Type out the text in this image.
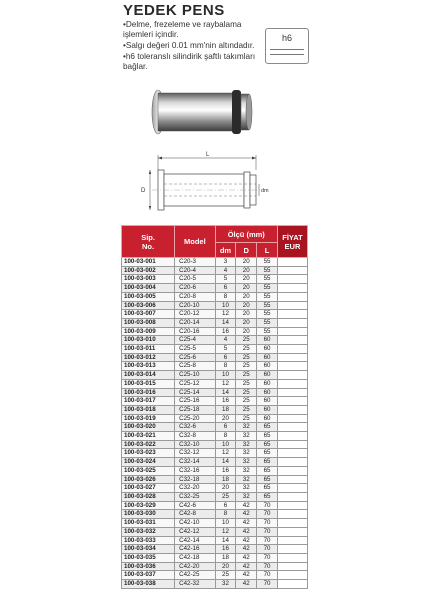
YEDEK PENS
•Delme, frezeleme ve raybalama işlemleri içindir.
•Salgı değeri 0.01 mm'nin altındadır.
•h6 toleranslı silindirik şaftlı takımları bağlar.
h6
L
D	dm
Sip.
No.	Model	Ölçü (mm)			FİYAT
EUR
		dm	D	L	
100-03-001	C20-3	3	20	55	
100-03-002	C20-4	4	20	55	
100-03-003	C20-5	5	20	55	
100-03-004	C20-6	6	20	55	
100-03-005	C20-8	8	20	55	
100-03-006	C20-10	10	20	55	
100-03-007	C20-12	12	20	55	
100-03-008	C20-14	14	20	55	
100-03-009	C20-16	16	20	55	
100-03-010	C25-4	4	25	60	
100-03-011	C25-5	5	25	60	
100-03-012	C25-6	6	25	60	
100-03-013	C25-8	8	25	60	
100-03-014	C25-10	10	25	60	
100-03-015	C25-12	12	25	60	
100-03-016	C25-14	14	25	60	
100-03-017	C25-16	16	25	60	
100-03-018	C25-18	18	25	60	
100-03-019	C25-20	20	25	60	
100-03-020	C32-6	6	32	65	
100-03-021	C32-8	8	32	65	
100-03-022	C32-10	10	32	65	
100-03-023	C32-12	12	32	65	
100-03-024	C32-14	14	32	65	
100-03-025	C32-16	16	32	65	
100-03-026	C32-18	18	32	65	
100-03-027	C32-20	20	32	65	
100-03-028	C32-25	25	32	65	
100-03-029	C42-6	6	42	70	
100-03-030	C42-8	8	42	70	
100-03-031	C42-10	10	42	70	
100-03-032	C42-12	12	42	70	
100-03-033	C42-14	14	42	70	
100-03-034	C42-16	16	42	70	
100-03-035	C42-18	18	42	70	
100-03-036	C42-20	20	42	70	
100-03-037	C42-25	25	42	70	
100-03-038	C42-32	32	42	70	
